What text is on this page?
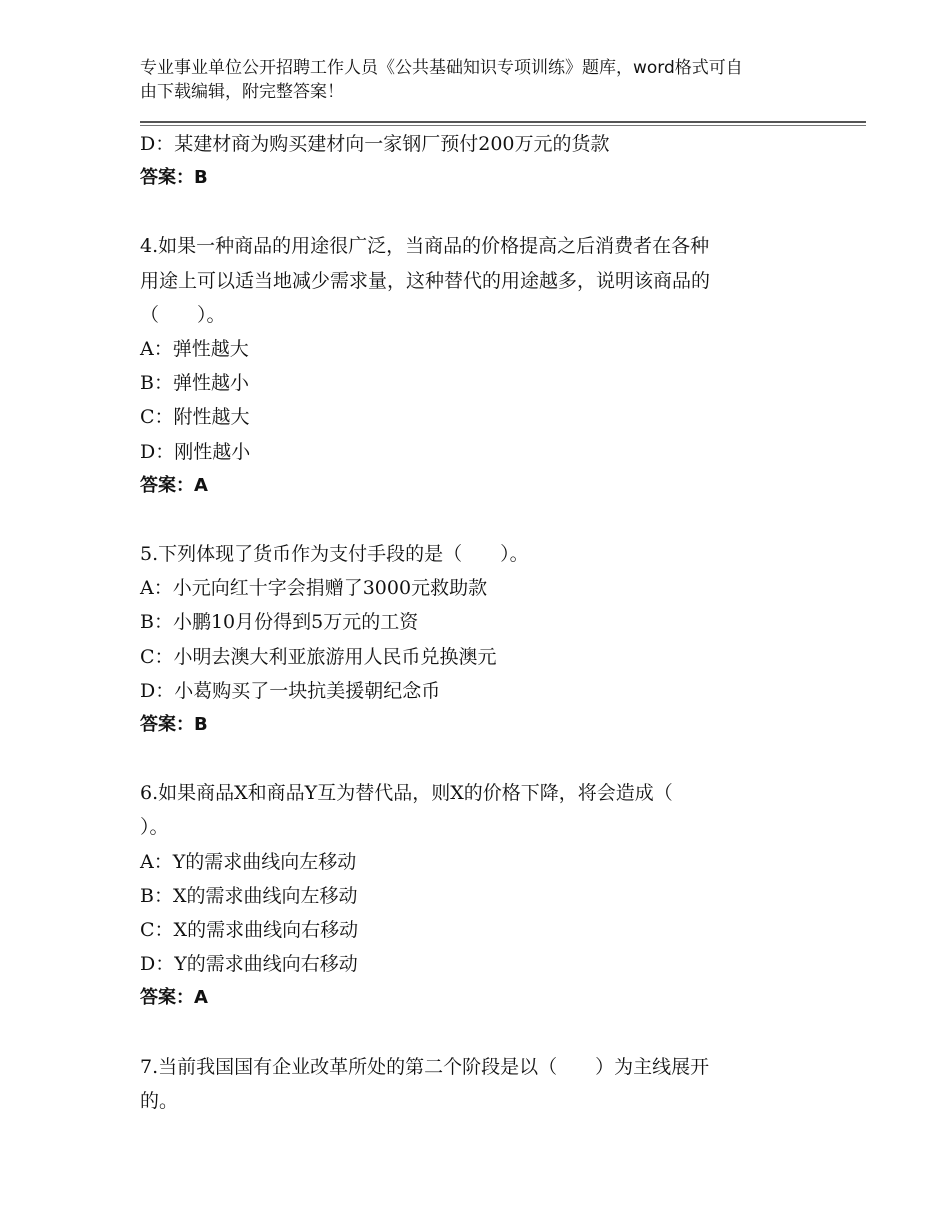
专业事业单位公开招聘工作人员《公共基础知识专项训练》题库，word格式可自
由下载编辑，附完整答案！
D：某建材商为购买建材向一家钢厂预付200万元的货款
答案：B
4.如果一种商品的用途很广泛，当商品的价格提高之后消费者在各种
用途上可以适当地减少需求量，这种替代的用途越多，说明该商品的
（　　）。
A：弹性越大
B：弹性越小
C：附性越大
D：刚性越小
答案：A
5.下列体现了货币作为支付手段的是（　　）。
A：小元向红十字会捐赠了3000元救助款
B：小鹏10月份得到5万元的工资
C：小明去澳大利亚旅游用人民币兑换澳元
D：小葛购买了一块抗美援朝纪念币
答案：B
6.如果商品X和商品Y互为替代品，则X的价格下降，将会造成（
）。
A：Y的需求曲线向左移动
B：X的需求曲线向左移动
C：X的需求曲线向右移动
D：Y的需求曲线向右移动
答案：A
7.当前我国国有企业改革所处的第二个阶段是以（　　）为主线展开
的。
